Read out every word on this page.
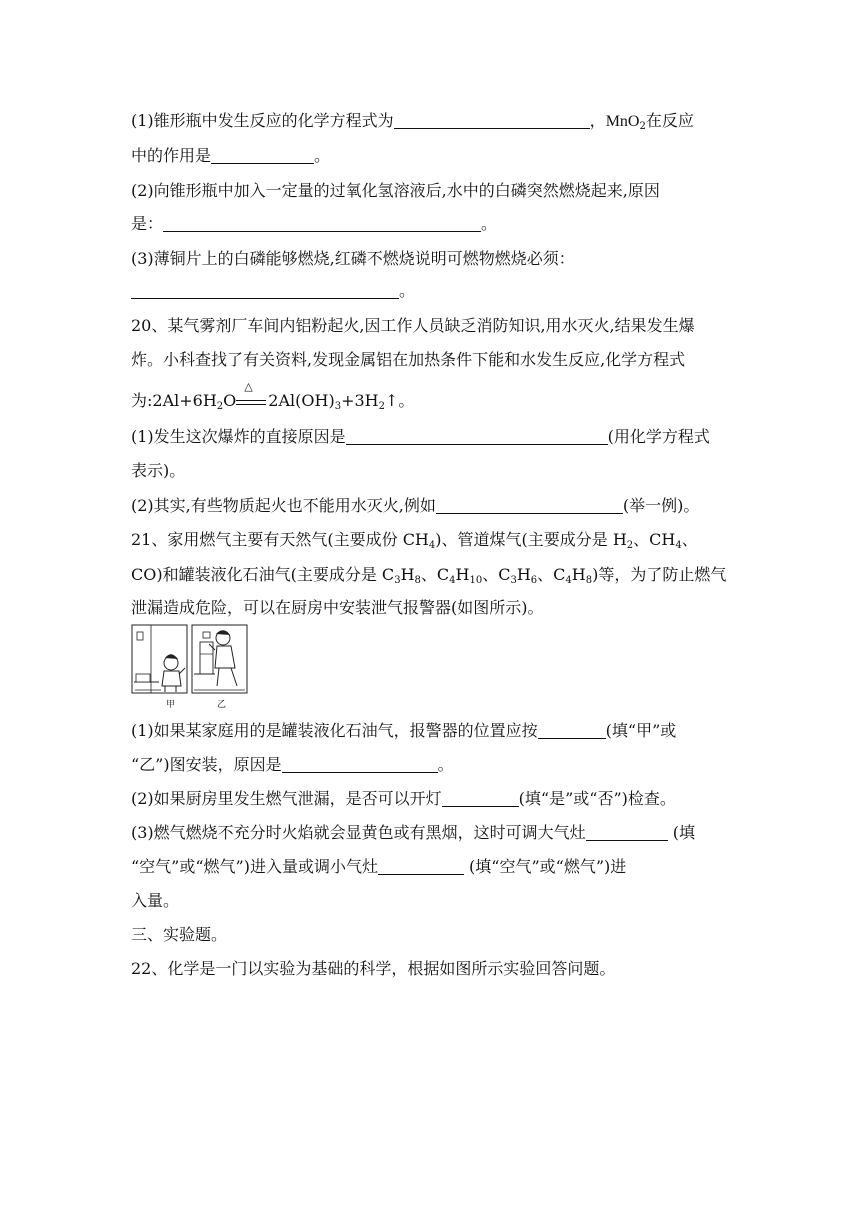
(1)锥形瓶中发生反应的化学方程式为	，MnO$_2$在反应
中的作用是	。
(2)向锥形瓶中加入一定量的过氧化氢溶液后,水中的白磷突然燃烧起来,原因
是：	。
(3)薄铜片上的白磷能够燃烧,红磷不燃烧说明可燃物燃烧必须：
。
20、某气雾剂厂车间内铝粉起火,因工作人员缺乏消防知识,用水灭火,结果发生爆
炸。小科查找了有关资料,发现金属铝在加热条件下能和水发生反应,化学方程式
为$:2Al+6H_2O$
△
$2Al(OH)_3+3H_2↑$。
(1)发生这次爆炸的直接原因是	(用化学方程式
表示)。
(2)其实,有些物质起火也不能用水灭火,例如	(举一例)。
21、家用燃气主要有天然气(主要成份 $CH_4$)、管道煤气(主要成分是 $H_2$、$CH_4$、
CO)和罐装液化石油气(主要成分是 $C_3H_8$、$C_4H_{10}$、$C_3H_6$、$C_4H_8$)等，为了防止燃气
泄漏造成危险，可以在厨房中安装泄气报警器(如图所示)。
甲	乙
(1)如果某家庭用的是罐装液化石油气，报警器的位置应按	(填“甲”或
“乙”)图安装，原因是	。
(2)如果厨房里发生燃气泄漏，是否可以开灯	(填“是”或“否”)检查。
(3)燃气燃烧不充分时火焰就会显黄色或有黑烟，这时可调大气灶	(填
“空气”或“燃气”)进入量或调小气灶	(填“空气”或“燃气”)进
入量。
三、实验题。
22、化学是一门以实验为基础的科学，根据如图所示实验回答问题。
